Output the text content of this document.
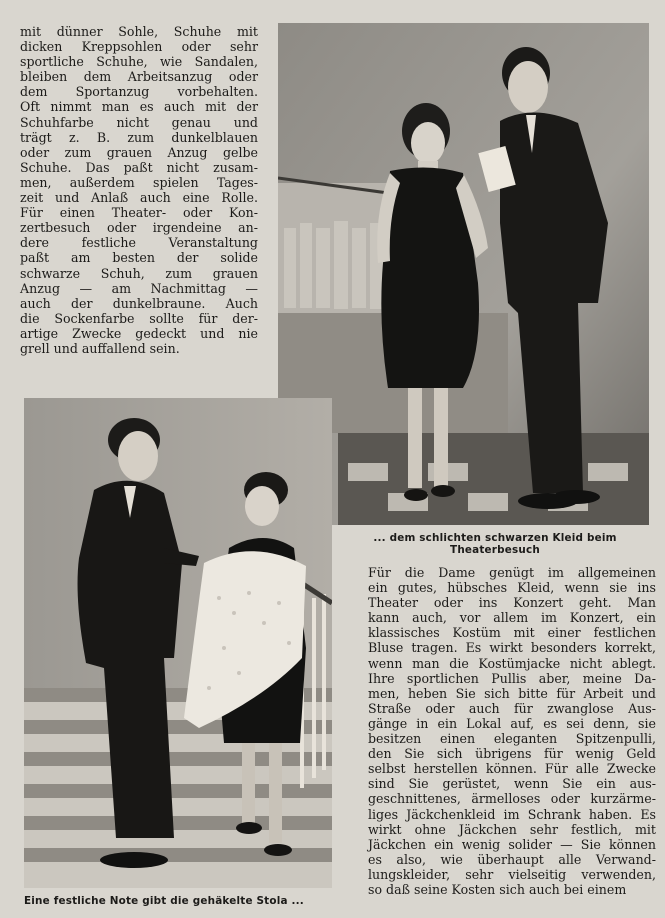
mit dünner Sohle, Schuhe mit
dicken Kreppsohlen oder sehr
sportliche Schuhe, wie Sandalen,
bleiben dem Arbeitsanzug oder
dem Sportanzug vorbehalten.
Oft nimmt man es auch mit der
Schuhfarbe nicht genau und
trägt z. B. zum dunkelblauen
oder zum grauen Anzug gelbe
Schuhe. Das paßt nicht zusam-
men, außerdem spielen Tages-
zeit und Anlaß auch eine Rolle.
Für einen Theater- oder Kon-
zertbesuch oder irgendeine an-
dere festliche Veranstaltung
paßt am besten der solide
schwarze Schuh, zum grauen
Anzug — am Nachmittag —
auch der dunkelbraune. Auch
die Sockenfarbe sollte für der-
artige Zwecke gedeckt und nie
grell und auffallend sein.

... dem schlichten schwarzen Kleid beim Theaterbesuch

Eine festliche Note gibt die gehäkelte Stola ...

Für die Dame genügt im allgemeinen
ein gutes, hübsches Kleid, wenn sie ins
Theater oder ins Konzert geht. Man
kann auch, vor allem im Konzert, ein
klassisches Kostüm mit einer festlichen
Bluse tragen. Es wirkt besonders korrekt,
wenn man die Kostümjacke nicht ablegt.
Ihre sportlichen Pullis aber, meine Da-
men, heben Sie sich bitte für Arbeit und
Straße oder auch für zwanglose Aus-
gänge in ein Lokal auf, es sei denn, sie
besitzen einen eleganten Spitzenpulli,
den Sie sich übrigens für wenig Geld
selbst herstellen können. Für alle Zwecke
sind Sie gerüstet, wenn Sie ein aus-
geschnittenes, ärmelloses oder kurzärme-
liges Jäckchenkleid im Schrank haben. Es
wirkt ohne Jäckchen sehr festlich, mit
Jäckchen ein wenig solider — Sie können
es also, wie überhaupt alle Verwand-
lungskleider, sehr vielseitig verwenden,
so daß seine Kosten sich auch bei einem
